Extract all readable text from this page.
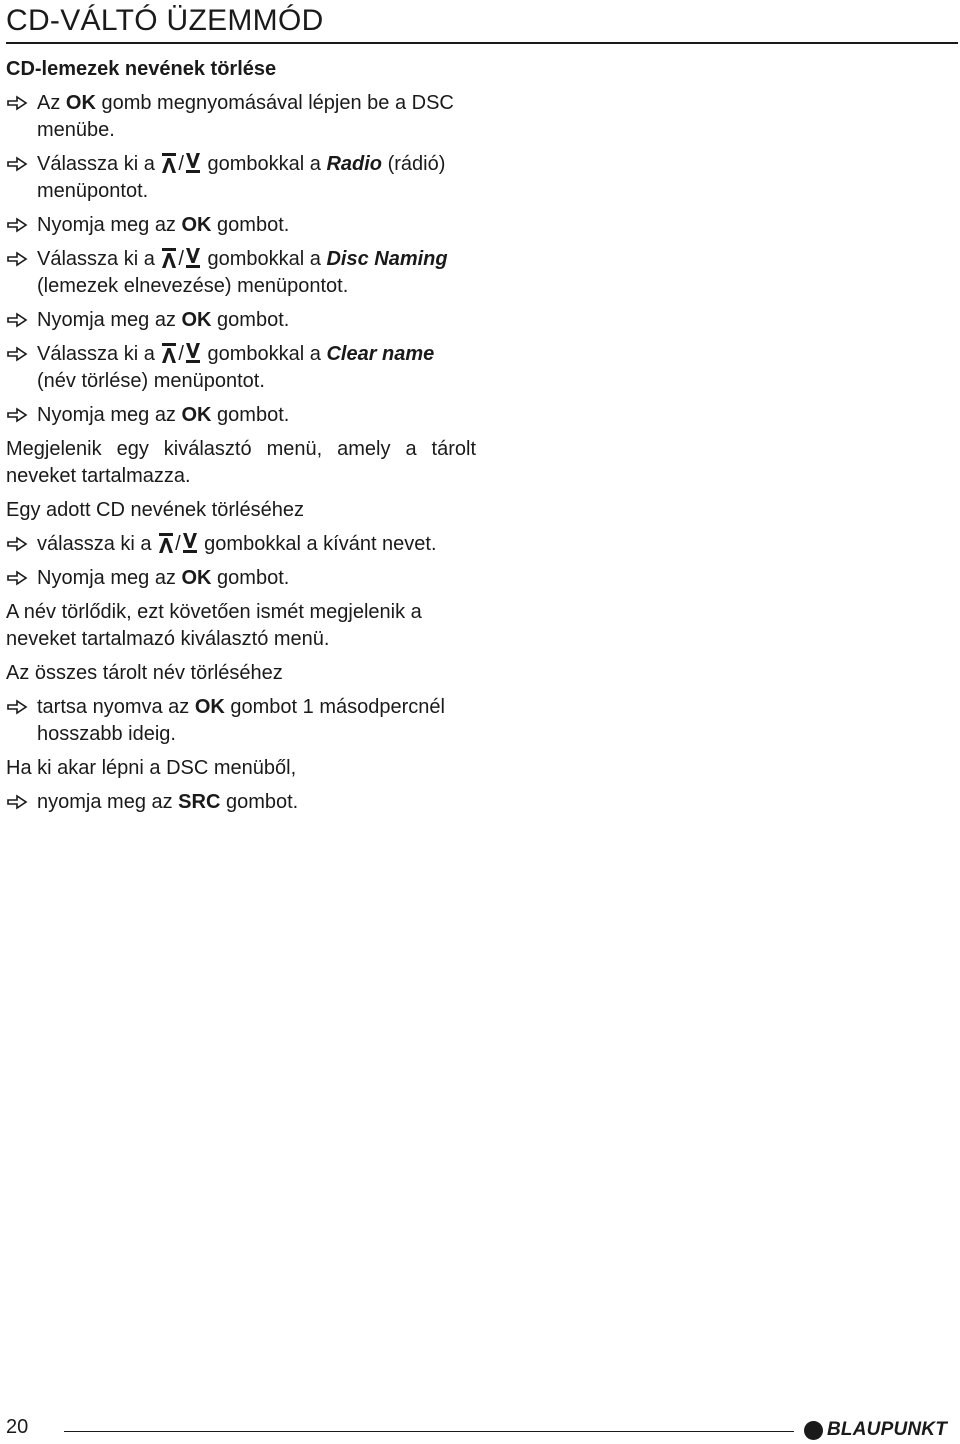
CD-VÁLTÓ ÜZEMMÓD
CD-lemezek nevének törlése
Az OK gomb megnyomásával lépjen be a DSC menübe.
Válassza ki a / gombokkal a Radio (rádió) menüpontot.
Nyomja meg az OK gombot.
Válassza ki a / gombokkal a Disc Naming (lemezek elnevezése) menüpontot.
Nyomja meg az OK gombot.
Válassza ki a / gombokkal a Clear name (név törlése) menüpontot.
Nyomja meg az OK gombot.
Megjelenik egy kiválasztó menü, amely a tárolt neveket tartalmazza.
Egy adott CD nevének törléséhez
válassza ki a / gombokkal a kívánt nevet.
Nyomja meg az OK gombot.
A név törlődik, ezt követően ismét megjelenik a neveket tartalmazó kiválasztó menü.
Az összes tárolt név törléséhez
tartsa nyomva az OK gombot 1 másodpercnél hosszabb ideig.
Ha ki akar lépni a DSC menüből,
nyomja meg az SRC gombot.
20	BLAUPUNKT
